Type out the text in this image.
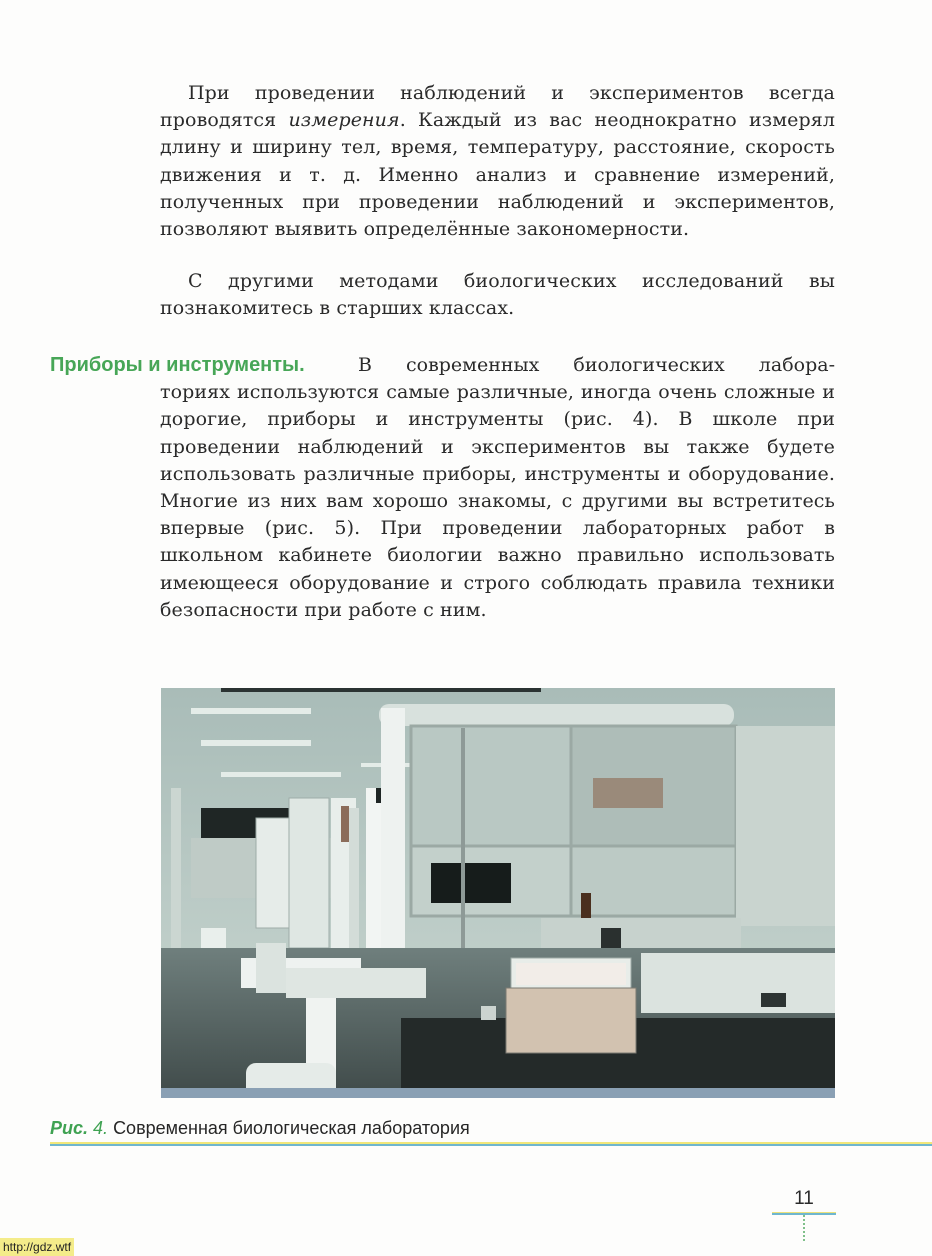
При проведении наблюдений и экспериментов всегда проводятся измерения. Каждый из вас неоднократно измерял длину и ширину тел, время, температуру, расстояние, скорость движения и т. д. Именно анализ и сравнение измерений, полученных при проведении наблюдений и экспериментов, позволяют выявить определённые закономерности.

С другими методами биологических исследований вы познакомитесь в старших классах.

В современных биологических лабора-
Приборы и инструменты.

ториях используются самые различные, иногда очень сложные и дорогие, приборы и инструменты (рис. 4). В школе при проведении наблюдений и экспериментов вы также будете использовать различные приборы, инструменты и оборудование. Многие из них вам хорошо знакомы, с другими вы встретитесь впервые (рис. 5). При проведении лабораторных работ в школьном кабинете биологии важно правильно использовать имеющееся оборудование и строго соблюдать правила техники безопасности при работе с ним.

Рис. 4. Современная биологическая лаборатория
11
http://gdz.wtf
